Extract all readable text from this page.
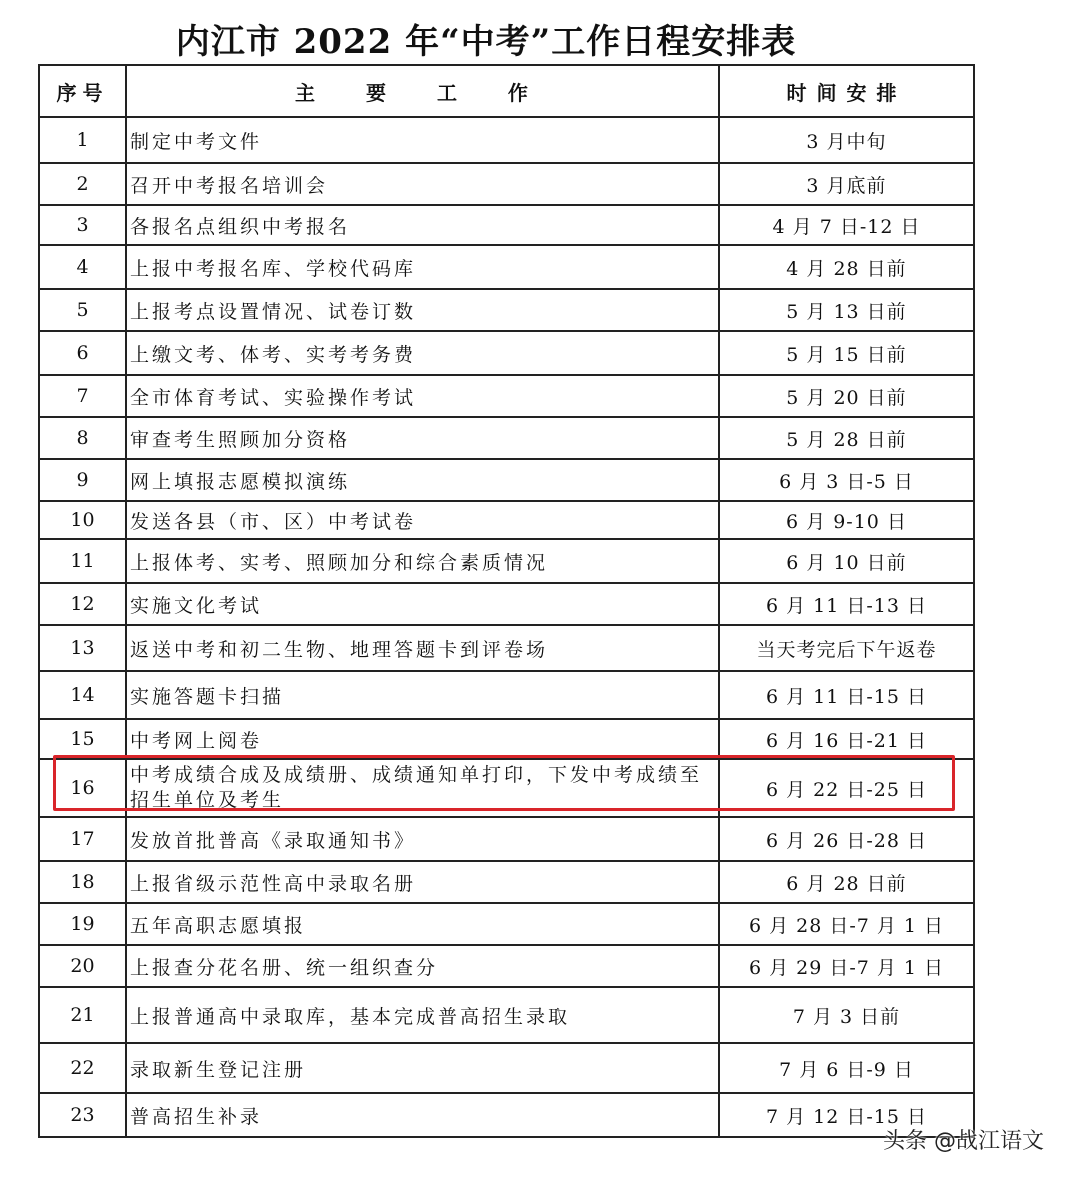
内江市 2022 年“中考”工作日程安排表
序号	主 要 工 作	时间安排
1	制定中考文件	3 月中旬
2	召开中考报名培训会	3 月底前
3	各报名点组织中考报名	4 月 7 日-12 日
4	上报中考报名库、学校代码库	4 月 28 日前
5	上报考点设置情况、试卷订数	5 月 13 日前
6	上缴文考、体考、实考考务费	5 月 15 日前
7	全市体育考试、实验操作考试	5 月 20 日前
8	审查考生照顾加分资格	5 月 28 日前
9	网上填报志愿模拟演练	6 月 3 日-5 日
10	发送各县（市、区）中考试卷	6 月 9-10 日
11	上报体考、实考、照顾加分和综合素质情况	6 月 10 日前
12	实施文化考试	6 月 11 日-13 日
13	返送中考和初二生物、地理答题卡到评卷场	当天考完后下午返卷
14	实施答题卡扫描	6 月 11 日-15 日
15	中考网上阅卷	6 月 16 日-21 日
16	中考成绩合成及成绩册、成绩通知单打印，下发中考成绩至招生单位及考生	6 月 22 日-25 日
17	发放首批普高《录取通知书》	6 月 26 日-28 日
18	上报省级示范性高中录取名册	6 月 28 日前
19	五年高职志愿填报	6 月 28 日-7 月 1 日
20	上报查分花名册、统一组织查分	6 月 29 日-7 月 1 日
21	上报普通高中录取库，基本完成普高招生录取	7 月 3 日前
22	录取新生登记注册	7 月 6 日-9 日
23	普高招生补录	7 月 12 日-15 日
头条 @战江语文
